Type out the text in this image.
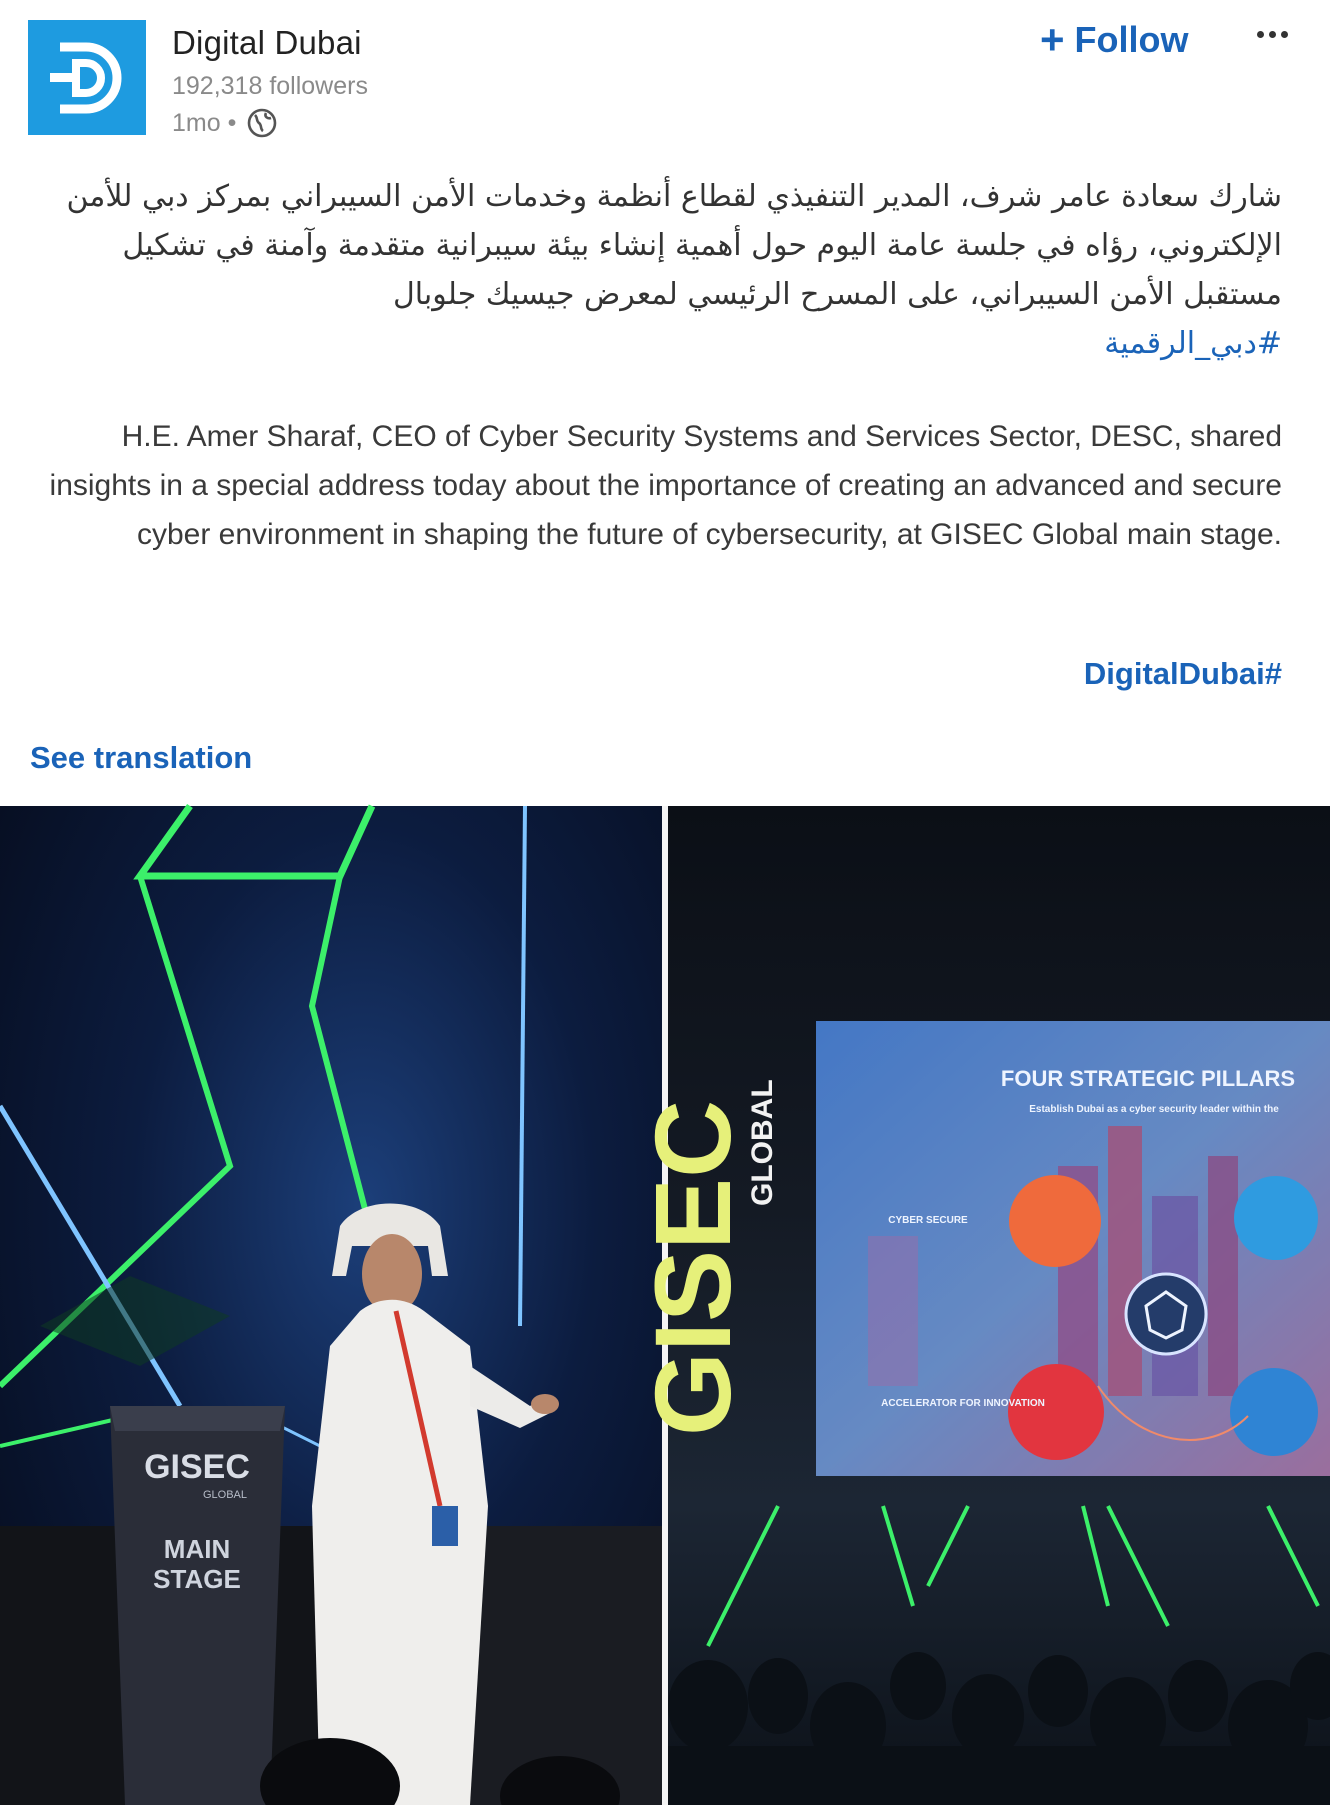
Digital Dubai
192,318 followers
1mo •
+ Follow
شارك سعادة عامر شرف، المدير التنفيذي لقطاع أنظمة وخدمات الأمن السيبراني بمركز دبي للأمن الإلكتروني، رؤاه في جلسة عامة اليوم حول أهمية إنشاء بيئة سيبرانية متقدمة وآمنة في تشكيل مستقبل الأمن السيبراني، على المسرح الرئيسي لمعرض جيسيك جلوبال
#دبي_الرقمية
H.E. Amer Sharaf, CEO of Cyber Security Systems and Services Sector, DESC, shared insights in a special address today about the importance of creating an advanced and secure cyber environment in shaping the future of cybersecurity, at GISEC Global main stage.
DigitalDubai#
See translation
GISEC
GLOBAL
MAIN
STAGE
GISEC
GLOBAL
FOUR STRATEGIC PILLARS
Establish Dubai as a cyber security leader within the
CYBER SECURE
ACCELERATOR FOR INNOVATION
